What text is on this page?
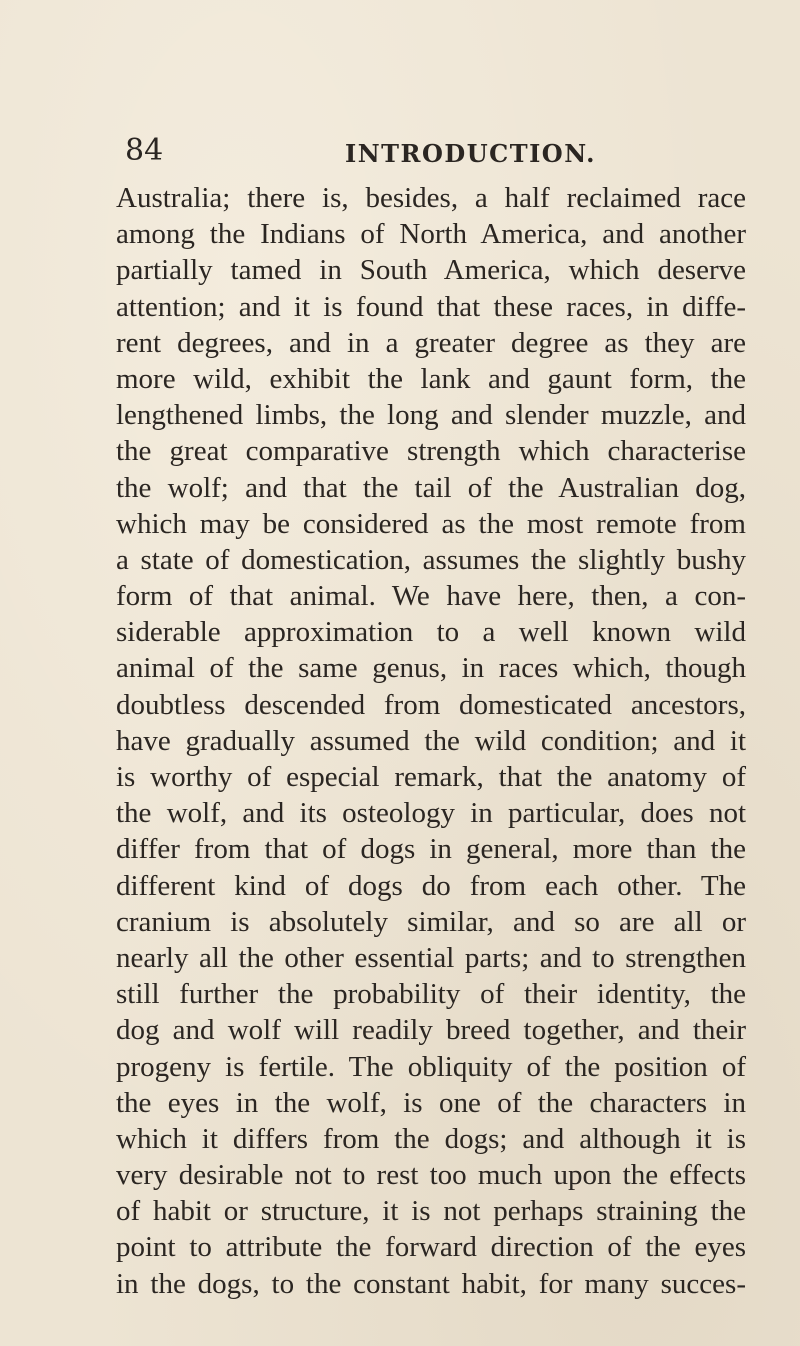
84	INTRODUCTION.
Australia; there is, besides, a half reclaimed race
among the Indians of North America, and another
partially tamed in South America, which deserve
attention; and it is found that these races, in diffe-
rent degrees, and in a greater degree as they are
more wild, exhibit the lank and gaunt form, the
lengthened limbs, the long and slender muzzle, and
the great comparative strength which characterise
the wolf; and that the tail of the Australian dog,
which may be considered as the most remote from
a state of domestication, assumes the slightly bushy
form of that animal. We have here, then, a con-
siderable approximation to a well known wild
animal of the same genus, in races which, though
doubtless descended from domesticated ancestors,
have gradually assumed the wild condition; and it
is worthy of especial remark, that the anatomy of
the wolf, and its osteology in particular, does not
differ from that of dogs in general, more than the
different kind of dogs do from each other. The
cranium is absolutely similar, and so are all or
nearly all the other essential parts; and to strengthen
still further the probability of their identity, the
dog and wolf will readily breed together, and their
progeny is fertile. The obliquity of the position of
the eyes in the wolf, is one of the characters in
which it differs from the dogs; and although it is
very desirable not to rest too much upon the effects
of habit or structure, it is not perhaps straining the
point to attribute the forward direction of the eyes
in the dogs, to the constant habit, for many succes-
